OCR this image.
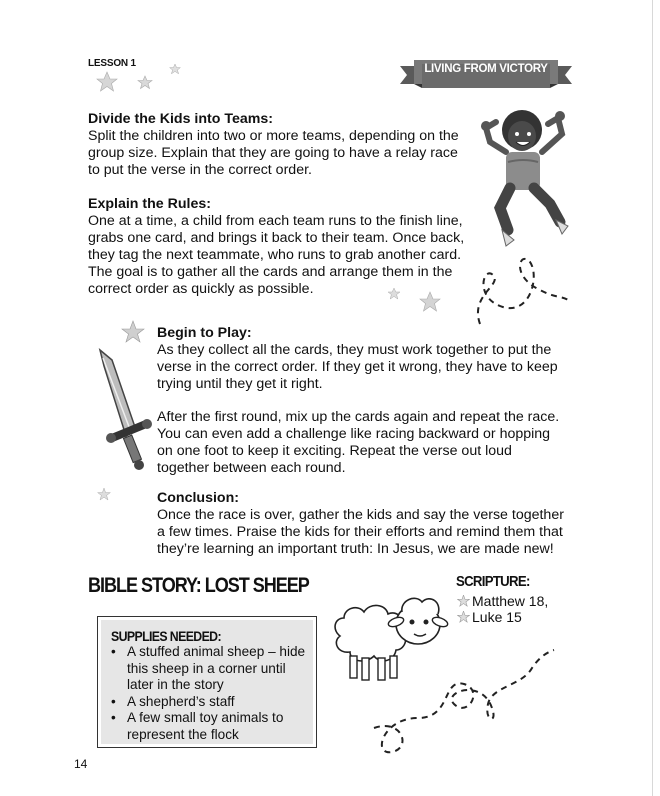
LESSON 1	LIVING FROM VICTORY
Divide the Kids into Teams:

Split the children into two or more teams, depending on the group size. Explain that they are going to have a relay race to put the verse in the correct order.

Explain the Rules:

One at a time, a child from each team runs to the finish line, grabs one card, and brings it back to their team. Once back, they tag the next teammate, who runs to grab another card. The goal is to gather all the cards and arrange them in the correct order as quickly as possible.

Begin to Play:

As they collect all the cards, they must work together to put the verse in the correct order. If they get it wrong, they have to keep trying until they get it right.

After the first round, mix up the cards again and repeat the race. You can even add a challenge like racing backward or hopping on one foot to keep it exciting. Repeat the verse out loud together between each round.

Conclusion:

Once the race is over, gather the kids and say the verse together a few times. Praise the kids for their efforts and remind them that they’re learning an important truth: In Jesus, we are made new!

BIBLE STORY: LOST SHEEP	SCRIPTURE:
Matthew 18,
Luke 15
SUPPLIES NEEDED:
• A stuffed animal sheep – hide this sheep in a corner until later in the story
• A shepherd’s staff
• A few small toy animals to represent the flock
14
